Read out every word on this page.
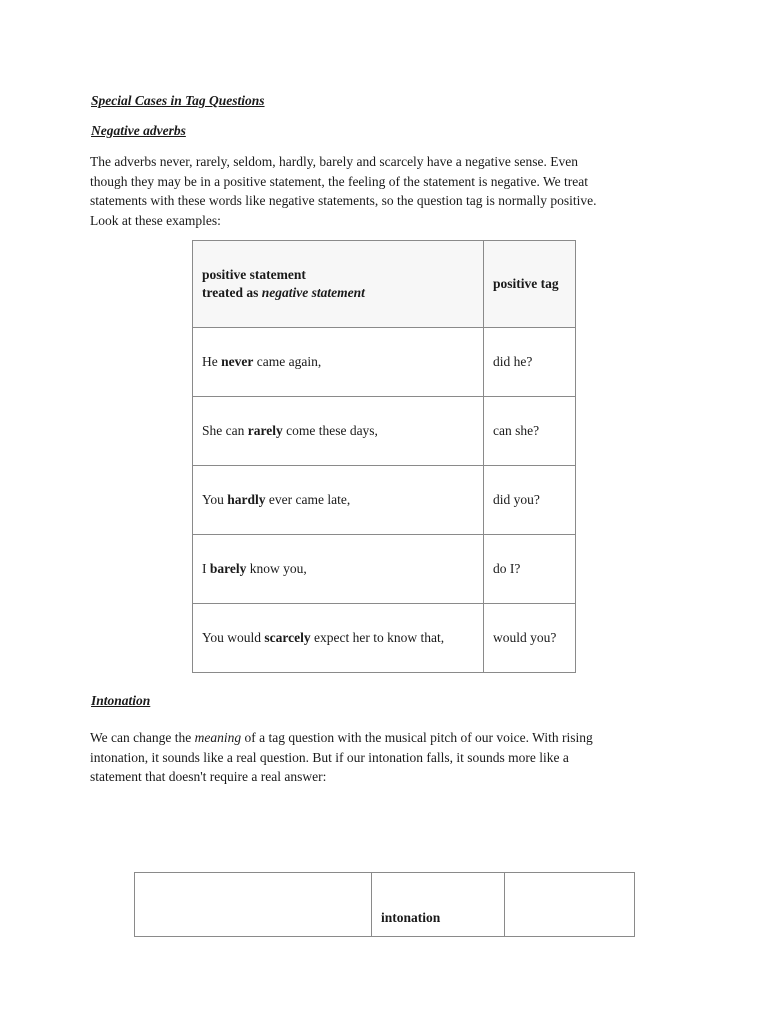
Special Cases in Tag Questions
Negative adverbs
The adverbs never, rarely, seldom, hardly, barely and scarcely have a negative sense. Even
though they may be in a positive statement, the feeling of the statement is negative. We treat
statements with these words like negative statements, so the question tag is normally positive.
Look at these examples:
positive statement
treated as negative statement	positive tag
He never came again,	did he?
She can rarely come these days,	can she?
You hardly ever came late,	did you?
I barely know you,	do I?
You would scarcely expect her to know that,	would you?
Intonation
We can change the meaning of a tag question with the musical pitch of our voice. With rising
intonation, it sounds like a real question. But if our intonation falls, it sounds more like a
statement that doesn't require a real answer:
	intonation	
